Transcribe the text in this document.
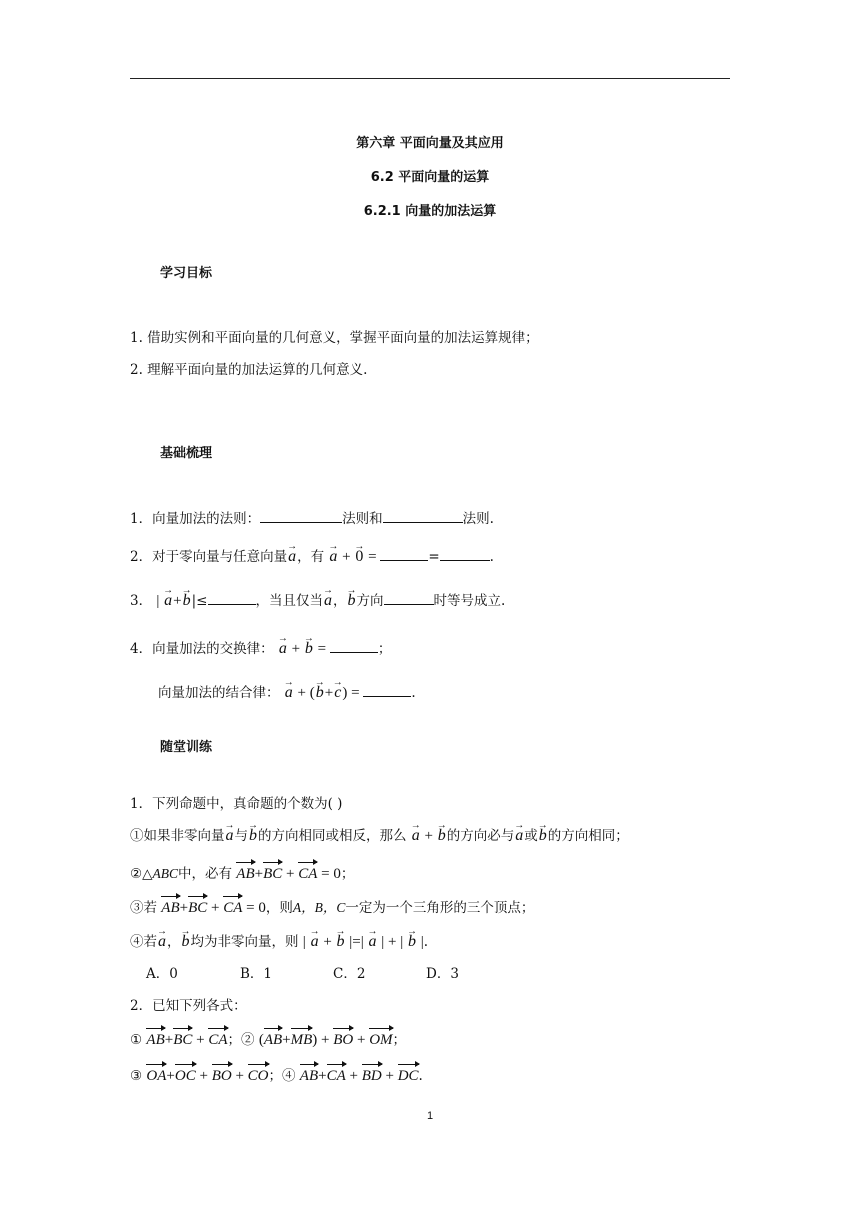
第六章 平面向量及其应用
6.2 平面向量的运算
6.2.1 向量的加法运算
学习目标
1. 借助实例和平面向量的几何意义，掌握平面向量的加法运算规律；
2. 理解平面向量的加法运算的几何意义.
基础梳理
1．向量加法的法则：	法则和	法则.
2．对于零向量与任意向量→ a，有 → a + → 0 =	=	.
3． | → a+→ b|≤	，当且仅当→ a，→ b方向	时等号成立.
4．向量加法的交换律： → a + → b =	；
向量加法的结合律： → a + (→ b+→ c) =	.
随堂训练
1．下列命题中，真命题的个数为( )
①如果非零向量→ a与→ b的方向相同或相反，那么 → a + → b的方向必与→ a或→ b的方向相同；
②△ABC中，必有 AB+BC + CA = 0；
③若 AB+BC + CA = 0，则A，B，C一定为一个三角形的三个顶点；
④若→ a，→ b均为非零向量，则 | → a + → b |=| → a | + | → b |.
A．0	B．1	C．2	D．3
2．已知下列各式：
① AB+BC + CA；② (AB+MB) + BO + OM；
③ OA+OC + BO + CO；④ AB+CA + BD + DC.
1
